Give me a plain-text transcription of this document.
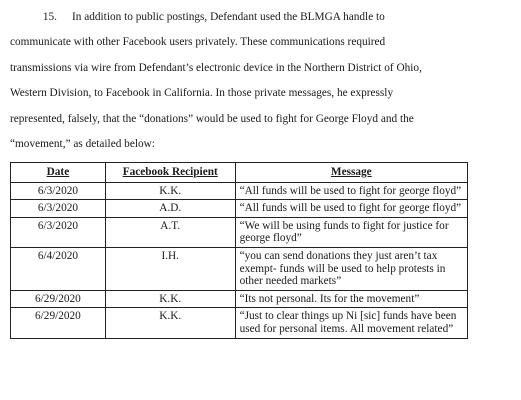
15. In addition to public postings, Defendant used the BLMGA handle to
communicate with other Facebook users privately. These communications required
transmissions via wire from Defendant’s electronic device in the Northern District of Ohio,
Western Division, to Facebook in California. In those private messages, he expressly
represented, falsely, that the “donations” would be used to fight for George Floyd and the
“movement,” as detailed below:
Date	Facebook Recipient	Message
6/3/2020	K.K.	“All funds will be used to fight for george floyd”
6/3/2020	A.D.	“All funds will be used to fight for george floyd”
6/3/2020	A.T.	“We will be using funds to fight for justice for george floyd”
6/4/2020	I.H.	“you can send donations they just aren’t tax exempt- funds will be used to help protests in other needed markets”
6/29/2020	K.K.	“Its not personal. Its for the movement”
6/29/2020	K.K.	“Just to clear things up Ni [sic] funds have been used for personal items. All movement related”
